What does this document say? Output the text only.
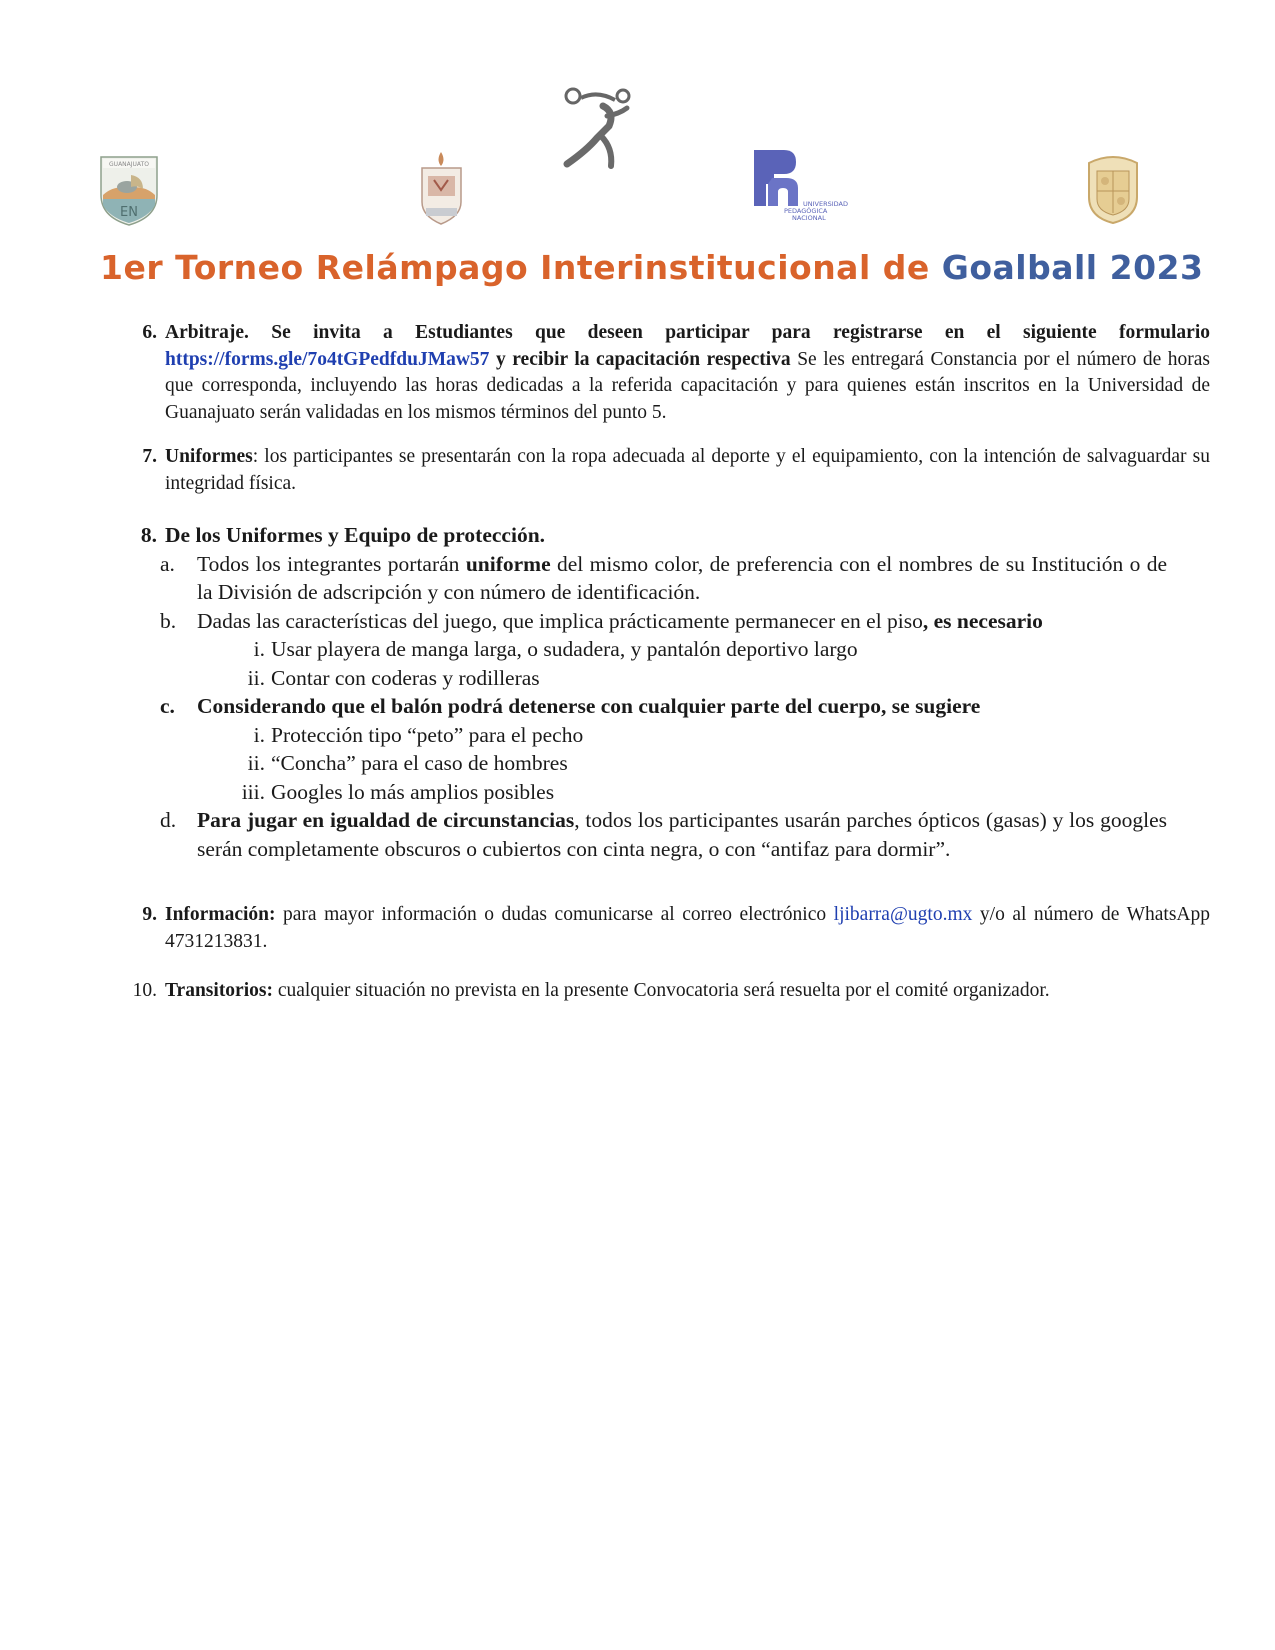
GUANAJUATO
EN
UNIVERSIDAD
PEDAGÓGICA
NACIONAL
1er Torneo Relámpago Interinstitucional de Goalball 2023
6. Arbitraje. Se invita a Estudiantes que deseen participar para registrarse en el siguiente formulario https://forms.gle/7o4tGPedfduJMaw57 y recibir la capacitación respectiva Se les entregará Constancia por el número de horas que corresponda, incluyendo las horas dedicadas a la referida capacitación y para quienes están inscritos en la Universidad de Guanajuato serán validadas en los mismos términos del punto 5.
7. Uniformes: los participantes se presentarán con la ropa adecuada al deporte y el equipamiento, con la intención de salvaguardar su integridad física.
8. De los Uniformes y Equipo de protección.
a. Todos los integrantes portarán uniforme del mismo color, de preferencia con el nombres de su Institución o de la División de adscripción y con número de identificación.
b. Dadas las características del juego, que implica prácticamente permanecer en el piso, es necesario
i. Usar playera de manga larga, o sudadera, y pantalón deportivo largo
ii. Contar con coderas y rodilleras
c. Considerando que el balón podrá detenerse con cualquier parte del cuerpo, se sugiere
i. Protección tipo “peto” para el pecho
ii. “Concha” para el caso de hombres
iii. Googles lo más amplios posibles
d. Para jugar en igualdad de circunstancias, todos los participantes usarán parches ópticos (gasas) y los googles serán completamente obscuros o cubiertos con cinta negra, o con “antifaz para dormir”.
9. Información: para mayor información o dudas comunicarse al correo electrónico ljibarra@ugto.mx y/o al número de WhatsApp 4731213831.
10. Transitorios: cualquier situación no prevista en la presente Convocatoria será resuelta por el comité organizador.
